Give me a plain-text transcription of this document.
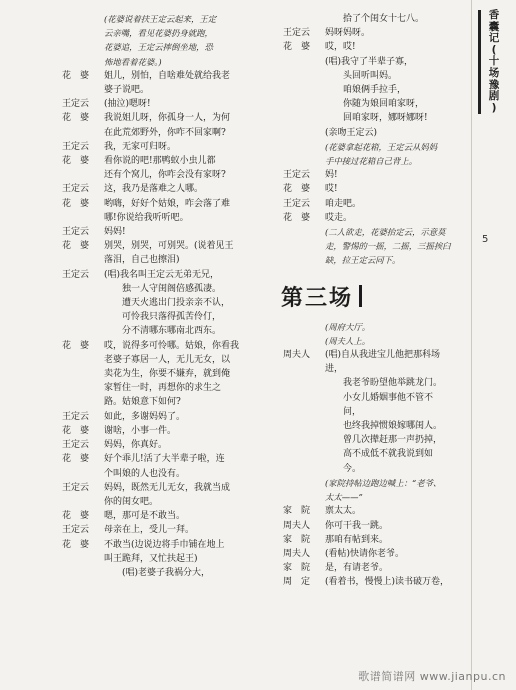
(花婆说着扶王定云起来，王定
云亲嘴，看见花婆扔身就跑，
花婆追，王定云摔倒坐地，恐
怖地看着花婆。)
花　婆	姐儿，别怕，自啥难处就给我老
婆子说吧。
王定云	(抽泣)嗯呀!
花　婆	我说姐儿呀，你孤身一人，为何
在此荒郊野外，你咋不回家啊?
王定云	我，无家可归呀。
花　婆	看你说的吧!那鸭蚁小虫儿都
还有个窝儿，你咋会没有家呀?
王定云	这，我乃是落难之人哪。
花　婆	哟嗨，好好个姑娘，咋会落了难
哪!你说给我听听吧。
王定云	妈妈!
花　婆	别哭，别哭，可别哭。(说着见王
落泪，自己也擦泪)
王定云	(唱)我名叫王定云无弟无兄，
独一人守闺阁倍感孤凄。
遭天火逃出门投亲亲不认，
可怜我只落得孤苦伶仃，
分不清哪东哪南北西东。
花　婆	哎，说得多可怜哪。姑娘，你看我
老婆子寡居一人，无儿无女，以
卖花为生，你要不嫌弃，就到俺
家暂住一时，再想你的求生之
路。姑娘意下如何?
王定云	如此，多谢妈妈了。
花　婆	谢啥，小事一件。
王定云	妈妈，你真好。
花　婆	好个乖儿!活了大半辈子啦，连
个叫娘的人也没有。
王定云	妈妈，既然无儿无女，我就当成
你的闺女吧。
花　婆	嗯，那可是不敢当。
王定云	母亲在上，受儿一拜。
花　婆	不敢当(边说边将手巾铺在地上
叫王跪拜，又忙扶起王)
(唱)老婆子我祸分大，
拾了个闺女十七八。
王定云	妈呀妈呀。
花　婆	哎，哎!
(唱)我守了半辈子寡，
头回听叫妈。
咱娘俩手拉手，
你随为娘回咱家呀，
回咱家呀，娜呀娜呀!
(亲吻王定云)
(花婆拿起花箱，王定云从妈妈
手中接过花箱自己背上。
王定云	妈!
花　婆	哎!
王定云	咱走吧。
花　婆	哎走。
(二人欲走，花婆抬定云，示意莫
走，警惕的一摇，二摇，三摇挨臼
缺，拉王定云同下。
第三场
(周府大厅。
(周夫人上。
周夫人	(唱)自从我进宝儿他把那科场
进，
我老爷盼望他举跳龙门。
小女儿婚姻事他不管不
问，
也终我掉惯娘嫁哪闺人。
曾几次撵赶那一声扔掉，
高不成低不就我说到如
今。
(家院持帖边跑边喊上：“老爷、
太太——”
家　院	禀太太。
周夫人	你可干我一跳。
家　院	那咱有帖到来。
周夫人	(看帖)快请你老爷。
家　院	是，有请老爷。
周　定	(看着书，慢慢上)读书破万卷，
香
囊
记
(
十
场
豫
剧
)
5
歌谱简谱网 www.jianpu.cn
